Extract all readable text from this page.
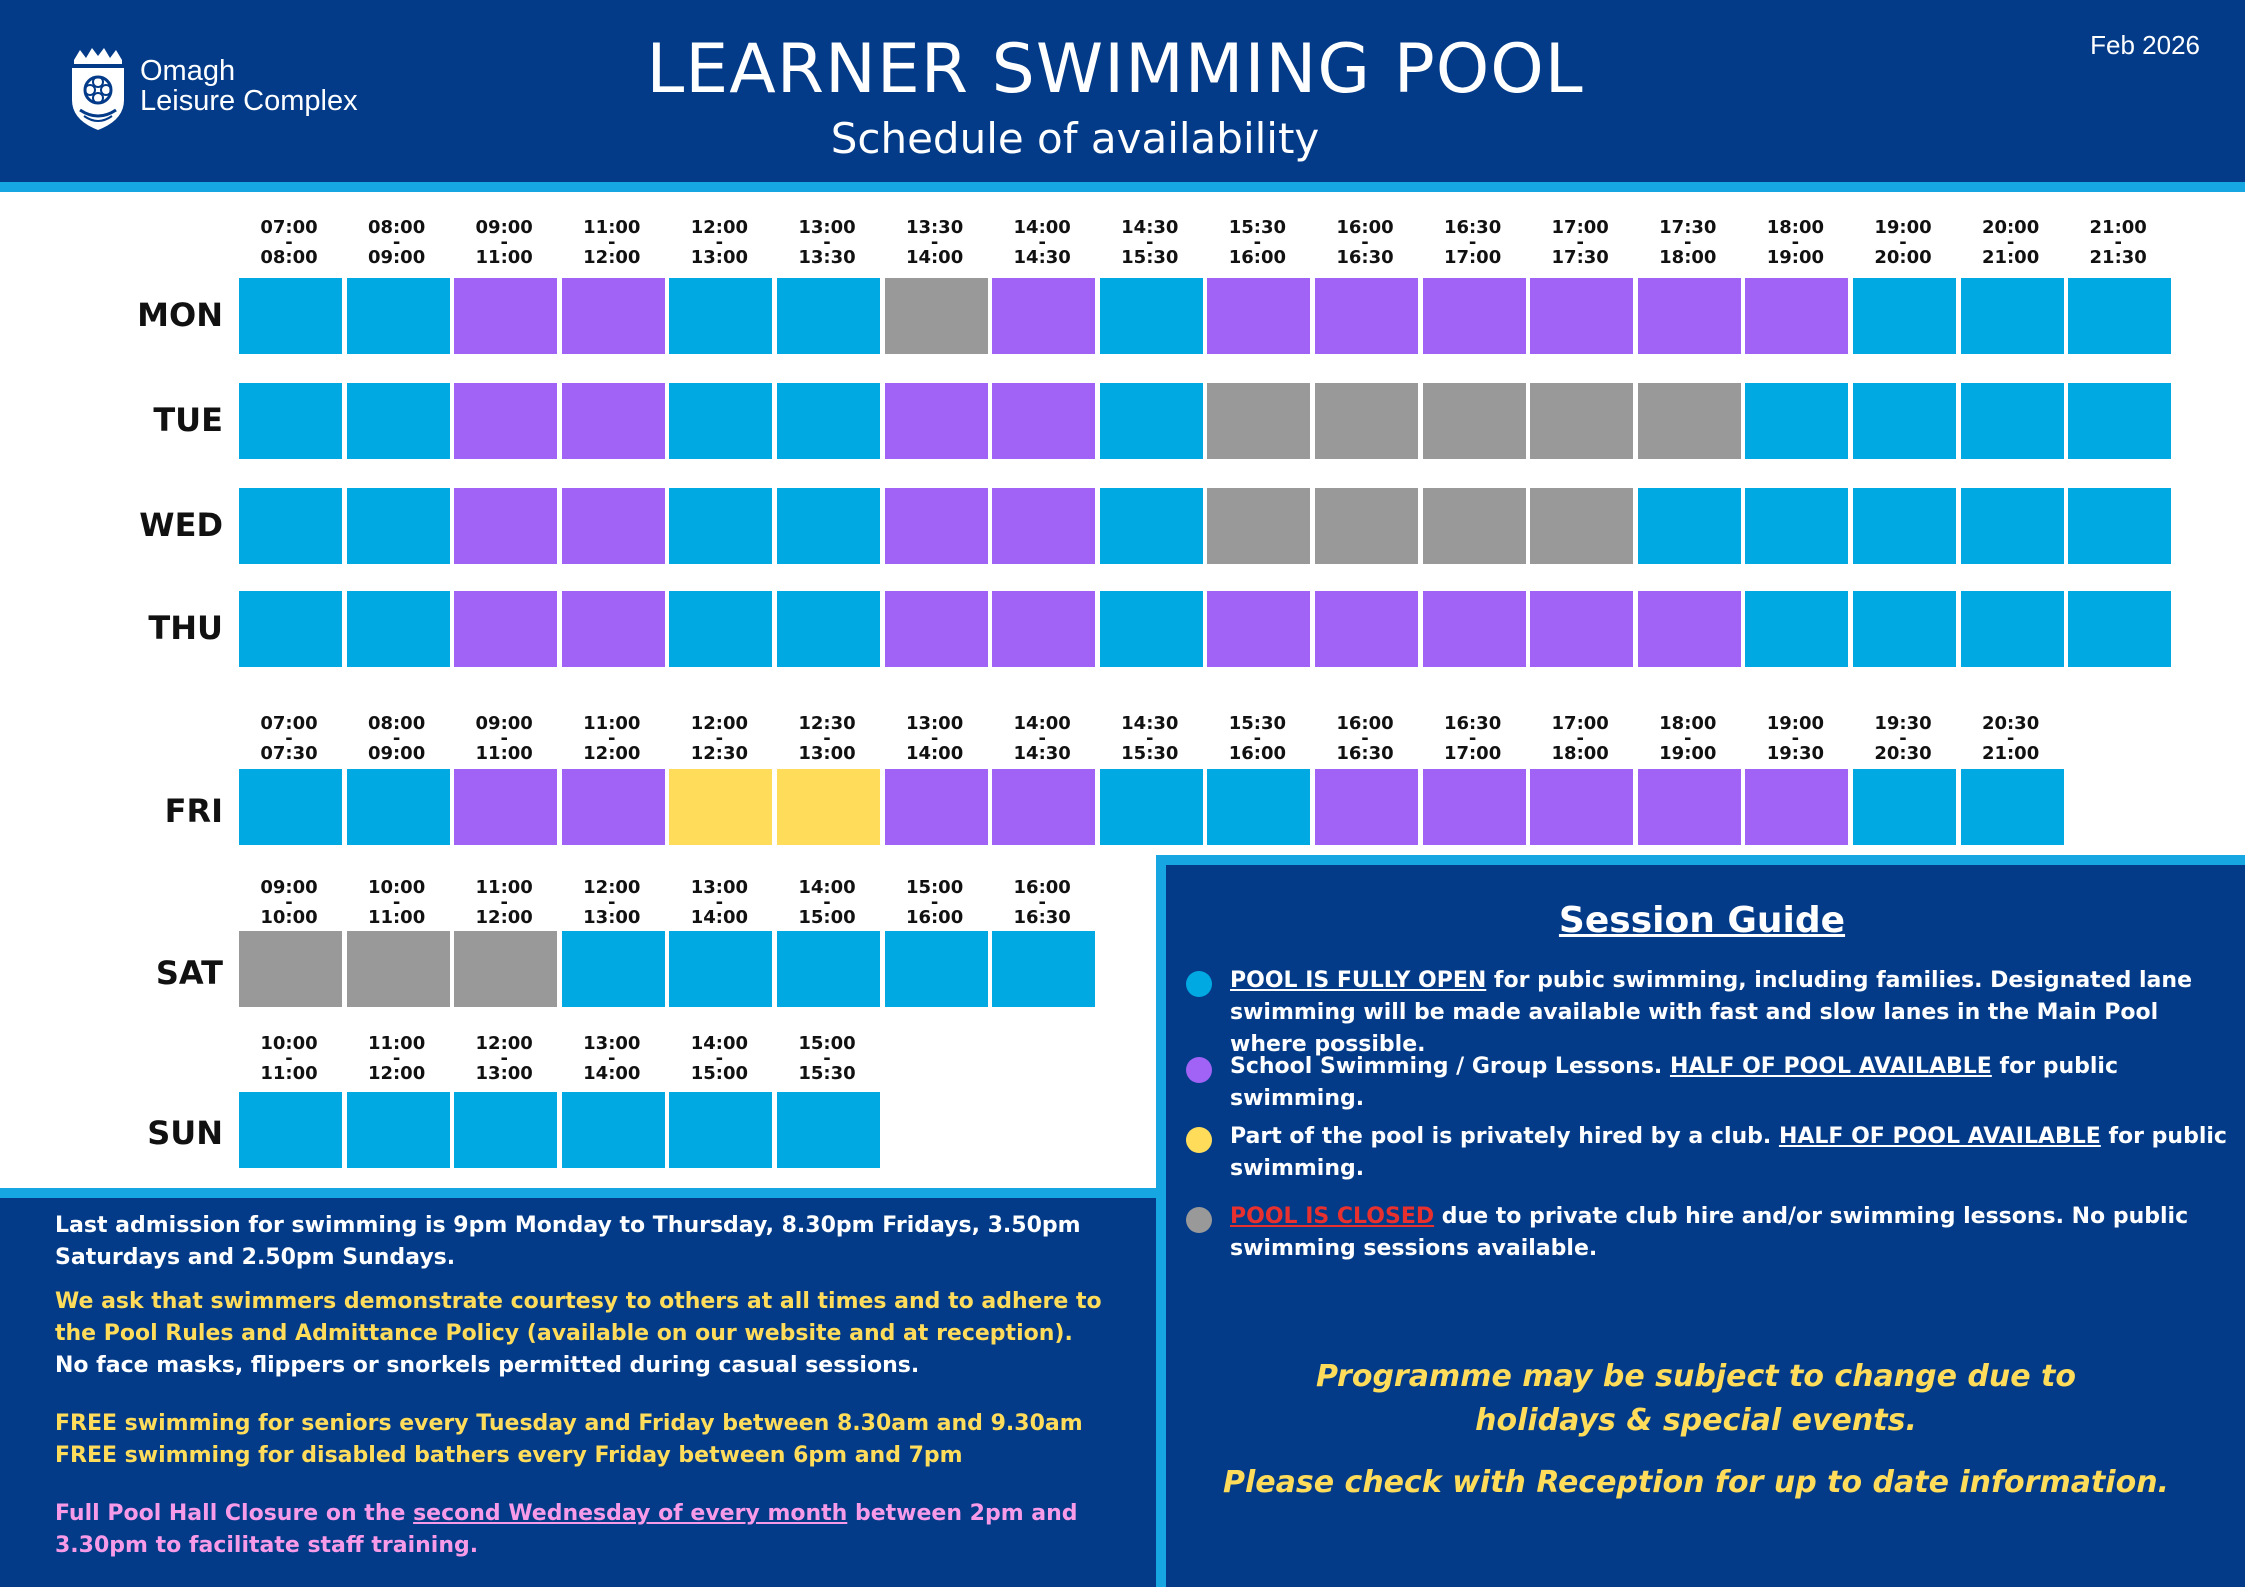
Omagh
Leisure Complex	LEARNER SWIMMING POOL
Schedule of availability
Feb 2026
07:00
-
08:00
08:00
-
09:00
09:00
-
11:00
11:00
-
12:00
12:00
-
13:00
13:00
-
13:30
13:30
-
14:00
14:00
-
14:30
14:30
-
15:30
15:30
-
16:00
16:00
-
16:30
16:30
-
17:00
17:00
-
17:30
17:30
-
18:00
18:00
-
19:00
19:00
-
20:00
20:00
-
21:00
21:00
-
21:30
MON
TUE
WED
THU
07:00
-
07:30
08:00
-
09:00
09:00
-
11:00
11:00
-
12:00
12:00
-
12:30
12:30
-
13:00
13:00
-
14:00
14:00
-
14:30
14:30
-
15:30
15:30
-
16:00
16:00
-
16:30
16:30
-
17:00
17:00
-
18:00
18:00
-
19:00
19:00
-
19:30
19:30
-
20:30
20:30
-
21:00
FRI
09:00
-
10:00
10:00
-
11:00
11:00
-
12:00
12:00
-
13:00
13:00
-
14:00
14:00
-
15:00
15:00
-
16:00
16:00
-
16:30
SAT
10:00
-
11:00
11:00
-
12:00
12:00
-
13:00
13:00
-
14:00
14:00
-
15:00
15:00
-
15:30
SUN
Session Guide
POOL IS FULLY OPEN for pubic swimming, including families. Designated lane swimming will be made available with fast and slow lanes in the Main Pool where possible.
School Swimming / Group Lessons. HALF OF POOL AVAILABLE for public swimming.
Part of the pool is privately hired by a club. HALF OF POOL AVAILABLE for public swimming.
POOL IS CLOSED due to private club hire and/or swimming lessons. No public swimming sessions available.
Programme may be subject to change due to
holidays & special events.
Please check with Reception for up to date information.
Last admission for swimming is 9pm Monday to Thursday, 8.30pm Fridays, 3.50pm Saturdays and 2.50pm Sundays.
We ask that swimmers demonstrate courtesy to others at all times and to adhere to the Pool Rules and Admittance Policy (available on our website and at reception).
No face masks, flippers or snorkels permitted during casual sessions.
FREE swimming for seniors every Tuesday and Friday between 8.30am and 9.30am
FREE swimming for disabled bathers every Friday between 6pm and 7pm
Full Pool Hall Closure on the second Wednesday of every month between 2pm and 3.30pm to facilitate staff training.
